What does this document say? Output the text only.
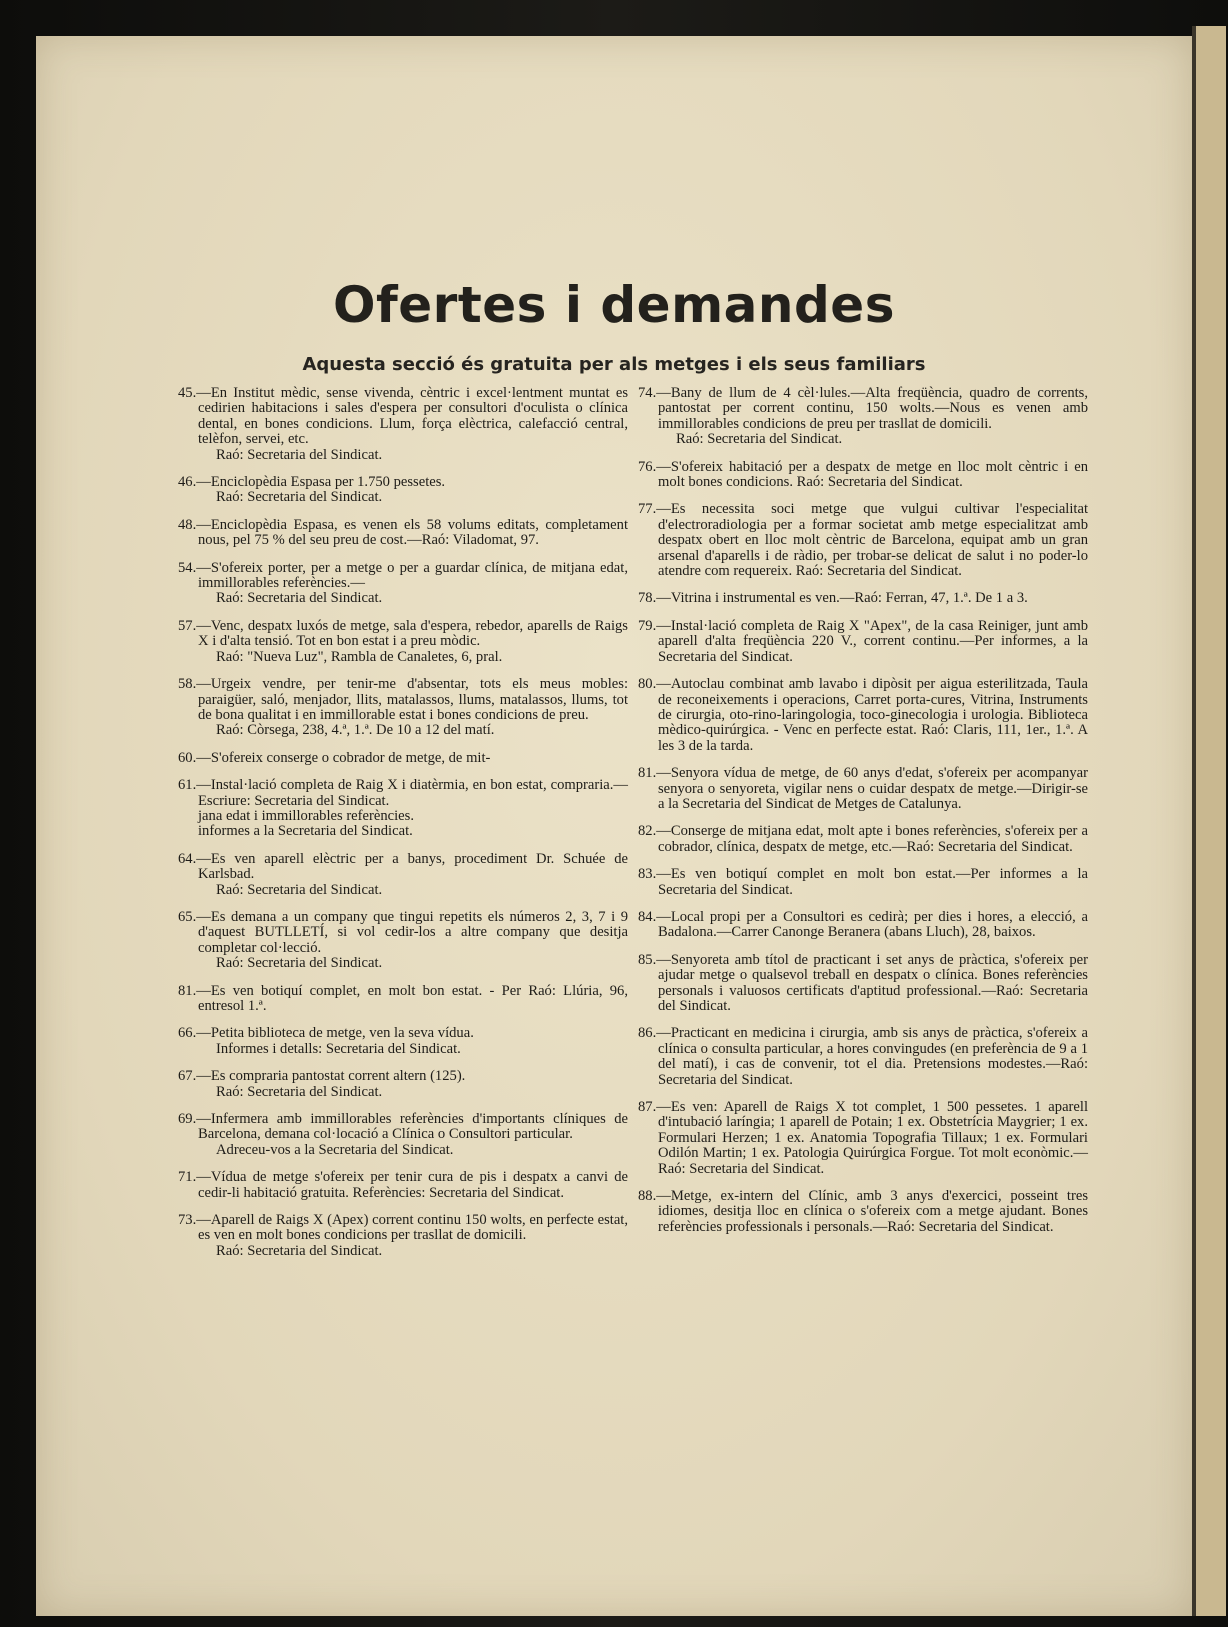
Ofertes i demandes
Aquesta secció és gratuita per als metges i els seus familiars
45.—En Institut mèdic, sense vivenda, cèntric i excel·lentment muntat es cedirien habitacions i sales d'espera per consultori d'oculista o clínica dental, en bones condicions. Llum, força elèctrica, calefacció central, telèfon, servei, etc.
Raó: Secretaria del Sindicat.
46.—Enciclopèdia Espasa per 1.750 pessetes.
Raó: Secretaria del Sindicat.
48.—Enciclopèdia Espasa, es venen els 58 volums editats, completament nous, pel 75 % del seu preu de cost.—Raó: Viladomat, 97.
54.—S'ofereix porter, per a metge o per a guardar clínica, de mitjana edat, immillorables referències.—
Raó: Secretaria del Sindicat.
57.—Venc, despatx luxós de metge, sala d'espera, rebedor, aparells de Raigs X i d'alta tensió. Tot en bon estat i a preu mòdic.
Raó: "Nueva Luz", Rambla de Canaletes, 6, pral.
58.—Urgeix vendre, per tenir-me d'absentar, tots els meus mobles: paraigüer, saló, menjador, llits, matalassos, llums, matalassos, llums, tot de bona qualitat i en immillorable estat i bones condicions de preu.
Raó: Còrsega, 238, 4.ª, 1.ª. De 10 a 12 del matí.
60.—S'ofereix conserge o cobrador de metge, de mit-
61.—Instal·lació completa de Raig X i diatèrmia, en bon estat, compraria.—Escriure: Secretaria del Sindicat.
jana edat i immillorables referències.
informes a la Secretaria del Sindicat.
64.—Es ven aparell elèctric per a banys, procediment Dr. Schuée de Karlsbad.
Raó: Secretaria del Sindicat.
65.—Es demana a un company que tingui repetits els números 2, 3, 7 i 9 d'aquest BUTLLETÍ, si vol cedir-los a altre company que desitja completar col·lecció.
Raó: Secretaria del Sindicat.
81.—Es ven botiquí complet, en molt bon estat. - Per Raó: Llúria, 96, entresol 1.ª.
66.—Petita biblioteca de metge, ven la seva vídua.
Informes i detalls: Secretaria del Sindicat.
67.—Es compraria pantostat corrent altern (125).
Raó: Secretaria del Sindicat.
69.—Infermera amb immillorables referències d'importants clíniques de Barcelona, demana col·locació a Clínica o Consultori particular.
Adreceu-vos a la Secretaria del Sindicat.
71.—Vídua de metge s'ofereix per tenir cura de pis i despatx a canvi de cedir-li habitació gratuita. Referències: Secretaria del Sindicat.
73.—Aparell de Raigs X (Apex) corrent continu 150 wolts, en perfecte estat, es ven en molt bones condicions per trasllat de domicili.
Raó: Secretaria del Sindicat.
74.—Bany de llum de 4 cèl·lules.—Alta freqüència, quadro de corrents, pantostat per corrent continu, 150 wolts.—Nous es venen amb immillorables condicions de preu per trasllat de domicili.
Raó: Secretaria del Sindicat.
76.—S'ofereix habitació per a despatx de metge en lloc molt cèntric i en molt bones condicions. Raó: Secretaria del Sindicat.
77.—Es necessita soci metge que vulgui cultivar l'especialitat d'electroradiologia per a formar societat amb metge especialitzat amb despatx obert en lloc molt cèntric de Barcelona, equipat amb un gran arsenal d'aparells i de ràdio, per trobar-se delicat de salut i no poder-lo atendre com requereix. Raó: Secretaria del Sindicat.
78.—Vitrina i instrumental es ven.—Raó: Ferran, 47, 1.ª. De 1 a 3.
79.—Instal·lació completa de Raig X "Apex", de la casa Reiniger, junt amb aparell d'alta freqüència 220 V., corrent continu.—Per informes, a la Secretaria del Sindicat.
80.—Autoclau combinat amb lavabo i dipòsit per aigua esterilitzada, Taula de reconeixements i operacions, Carret porta-cures, Vitrina, Instruments de cirurgia, oto-rino-laringologia, toco-ginecologia i urologia. Biblioteca mèdico-quirúrgica. - Venc en perfecte estat. Raó: Claris, 111, 1er., 1.ª. A les 3 de la tarda.
81.—Senyora vídua de metge, de 60 anys d'edat, s'ofereix per acompanyar senyora o senyoreta, vigilar nens o cuidar despatx de metge.—Dirigir-se a la Secretaria del Sindicat de Metges de Catalunya.
82.—Conserge de mitjana edat, molt apte i bones referències, s'ofereix per a cobrador, clínica, despatx de metge, etc.—Raó: Secretaria del Sindicat.
83.—Es ven botiquí complet en molt bon estat.—Per informes a la Secretaria del Sindicat.
84.—Local propi per a Consultori es cedirà; per dies i hores, a elecció, a Badalona.—Carrer Canonge Beranera (abans Lluch), 28, baixos.
85.—Senyoreta amb títol de practicant i set anys de pràctica, s'ofereix per ajudar metge o qualsevol treball en despatx o clínica. Bones referències personals i valuosos certificats d'aptitud professional.—Raó: Secretaria del Sindicat.
86.—Practicant en medicina i cirurgia, amb sis anys de pràctica, s'ofereix a clínica o consulta particular, a hores convingudes (en preferència de 9 a 1 del matí), i cas de convenir, tot el dia. Pretensions modestes.—Raó: Secretaria del Sindicat.
87.—Es ven: Aparell de Raigs X tot complet, 1 500 pessetes. 1 aparell d'intubació laríngia; 1 aparell de Potain; 1 ex. Obstetrícia Maygrier; 1 ex. Formulari Herzen; 1 ex. Anatomia Topografia Tillaux; 1 ex. Formulari Odilón Martin; 1 ex. Patologia Quirúrgica Forgue. Tot molt econòmic.—Raó: Secretaria del Sindicat.
88.—Metge, ex-intern del Clínic, amb 3 anys d'exercici, posseint tres idiomes, desitja lloc en clínica o s'ofereix com a metge ajudant. Bones referències professionals i personals.—Raó: Secretaria del Sindicat.
